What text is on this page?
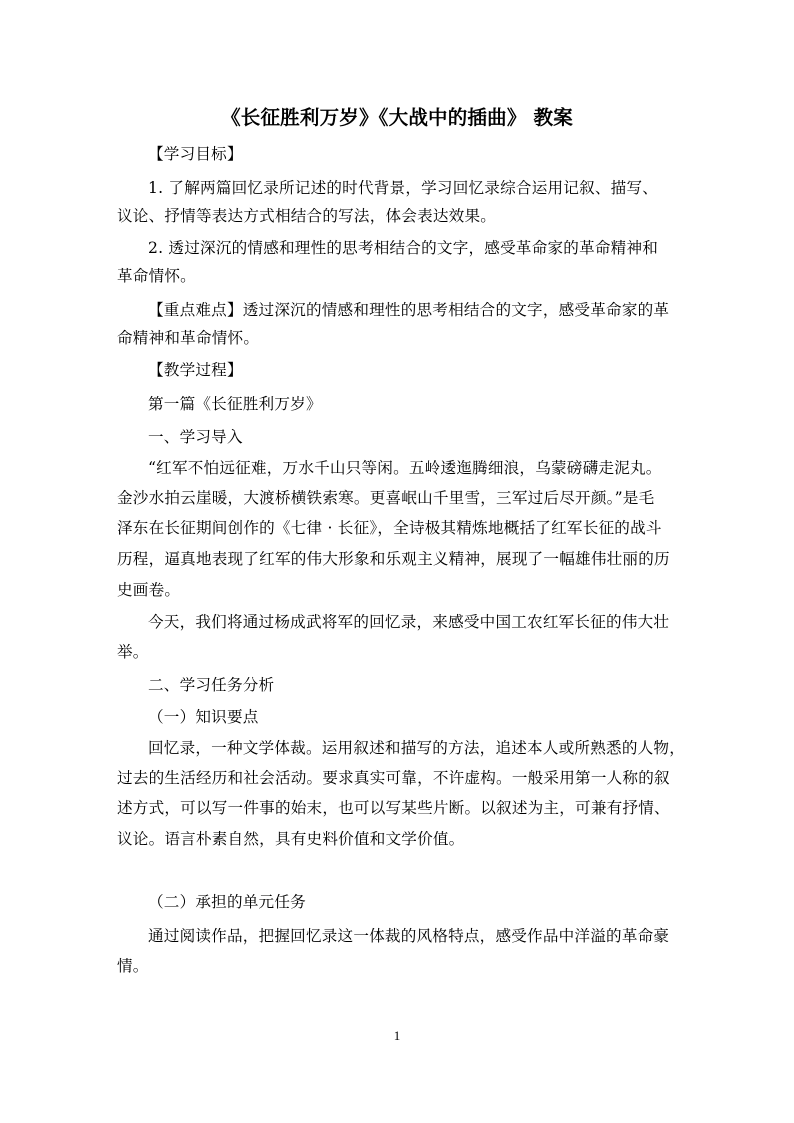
《长征胜利万岁》《大战中的插曲》 教案
【学习目标】
1. 了解两篇回忆录所记述的时代背景，学习回忆录综合运用记叙、描写、
议论、抒情等表达方式相结合的写法，体会表达效果。
2. 透过深沉的情感和理性的思考相结合的文字，感受革命家的革命精神和
革命情怀。
【重点难点】透过深沉的情感和理性的思考相结合的文字，感受革命家的革
命精神和革命情怀。
【教学过程】
第一篇《长征胜利万岁》
一、学习导入
“红军不怕远征难，万水千山只等闲。五岭逶迤腾细浪，乌蒙磅礴走泥丸。
金沙水拍云崖暖，大渡桥横铁索寒。更喜岷山千里雪，三军过后尽开颜。”是毛
泽东在长征期间创作的《七律 · 长征》，全诗极其精炼地概括了红军长征的战斗
历程，逼真地表现了红军的伟大形象和乐观主义精神，展现了一幅雄伟壮丽的历
史画卷。
今天，我们将通过杨成武将军的回忆录，来感受中国工农红军长征的伟大壮
举。
二、学习任务分析
（一）知识要点
回忆录，一种文学体裁。运用叙述和描写的方法，追述本人或所熟悉的人物，
过去的生活经历和社会活动。要求真实可靠，不许虚构。一般采用第一人称的叙
述方式，可以写一件事的始末，也可以写某些片断。以叙述为主，可兼有抒情、
议论。语言朴素自然，具有史料价值和文学价值。
（二）承担的单元任务
通过阅读作品，把握回忆录这一体裁的风格特点，感受作品中洋溢的革命豪
情。
1
